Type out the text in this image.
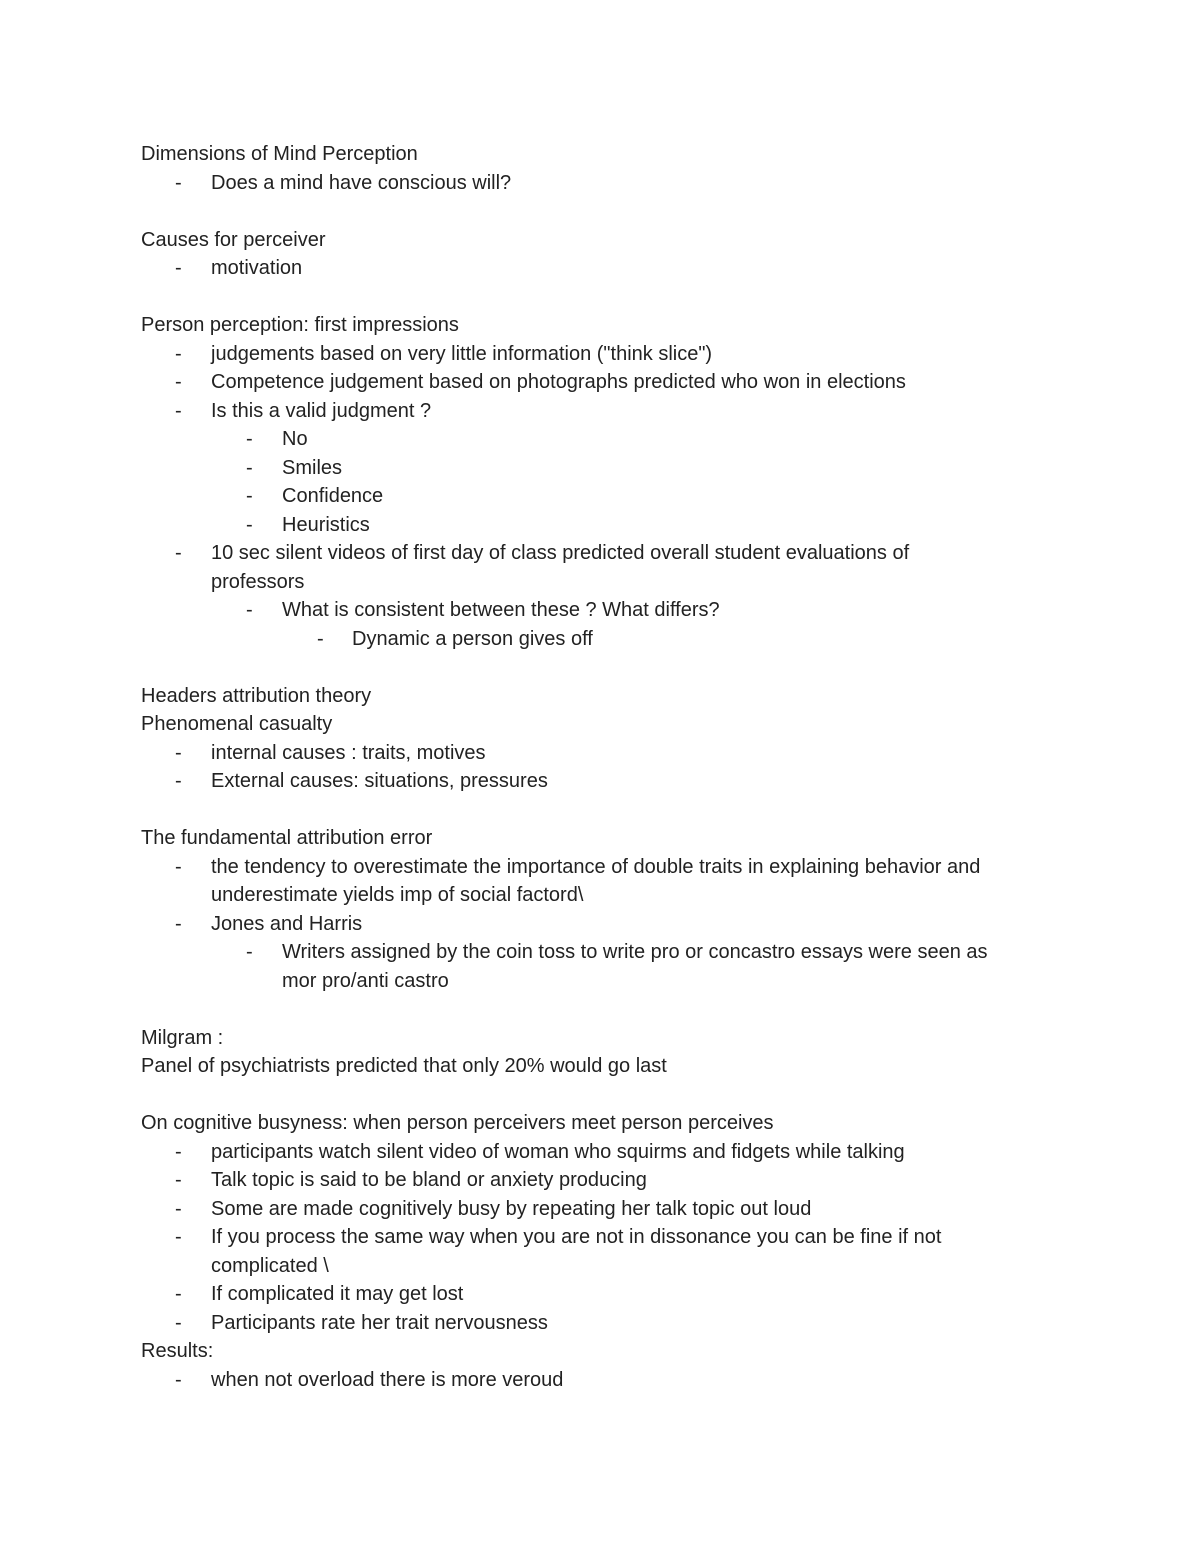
Dimensions of Mind Perception
- Does a mind have conscious will?
Causes for perceiver
- motivation
Person perception: first impressions
- judgements based on very little information ("think slice")
- Competence judgement based on photographs predicted who won in elections
- Is this a valid judgment ?
- No
- Smiles
- Confidence
- Heuristics
- 10 sec silent videos of first day of class predicted overall student evaluations of
professors
- What is consistent between these ? What differs?
- Dynamic a person gives off
Headers attribution theory
Phenomenal casualty
- internal causes : traits, motives
- External causes: situations, pressures
The fundamental attribution error
- the tendency to overestimate the importance of double traits in explaining behavior and
underestimate yields imp of social factord\
- Jones and Harris
- Writers assigned by the coin toss to write pro or concastro essays were seen as
mor pro/anti castro
Milgram :
Panel of psychiatrists predicted that only 20% would go last
On cognitive busyness: when person perceivers meet person perceives
- participants watch silent video of woman who squirms and fidgets while talking
- Talk topic is said to be bland or anxiety producing
- Some are made cognitively busy by repeating her talk topic out loud
- If you process the same way when you are not in dissonance you can be fine if not
complicated \
- If complicated it may get lost
- Participants rate her trait nervousness
Results:
- when not overload there is more veroud
